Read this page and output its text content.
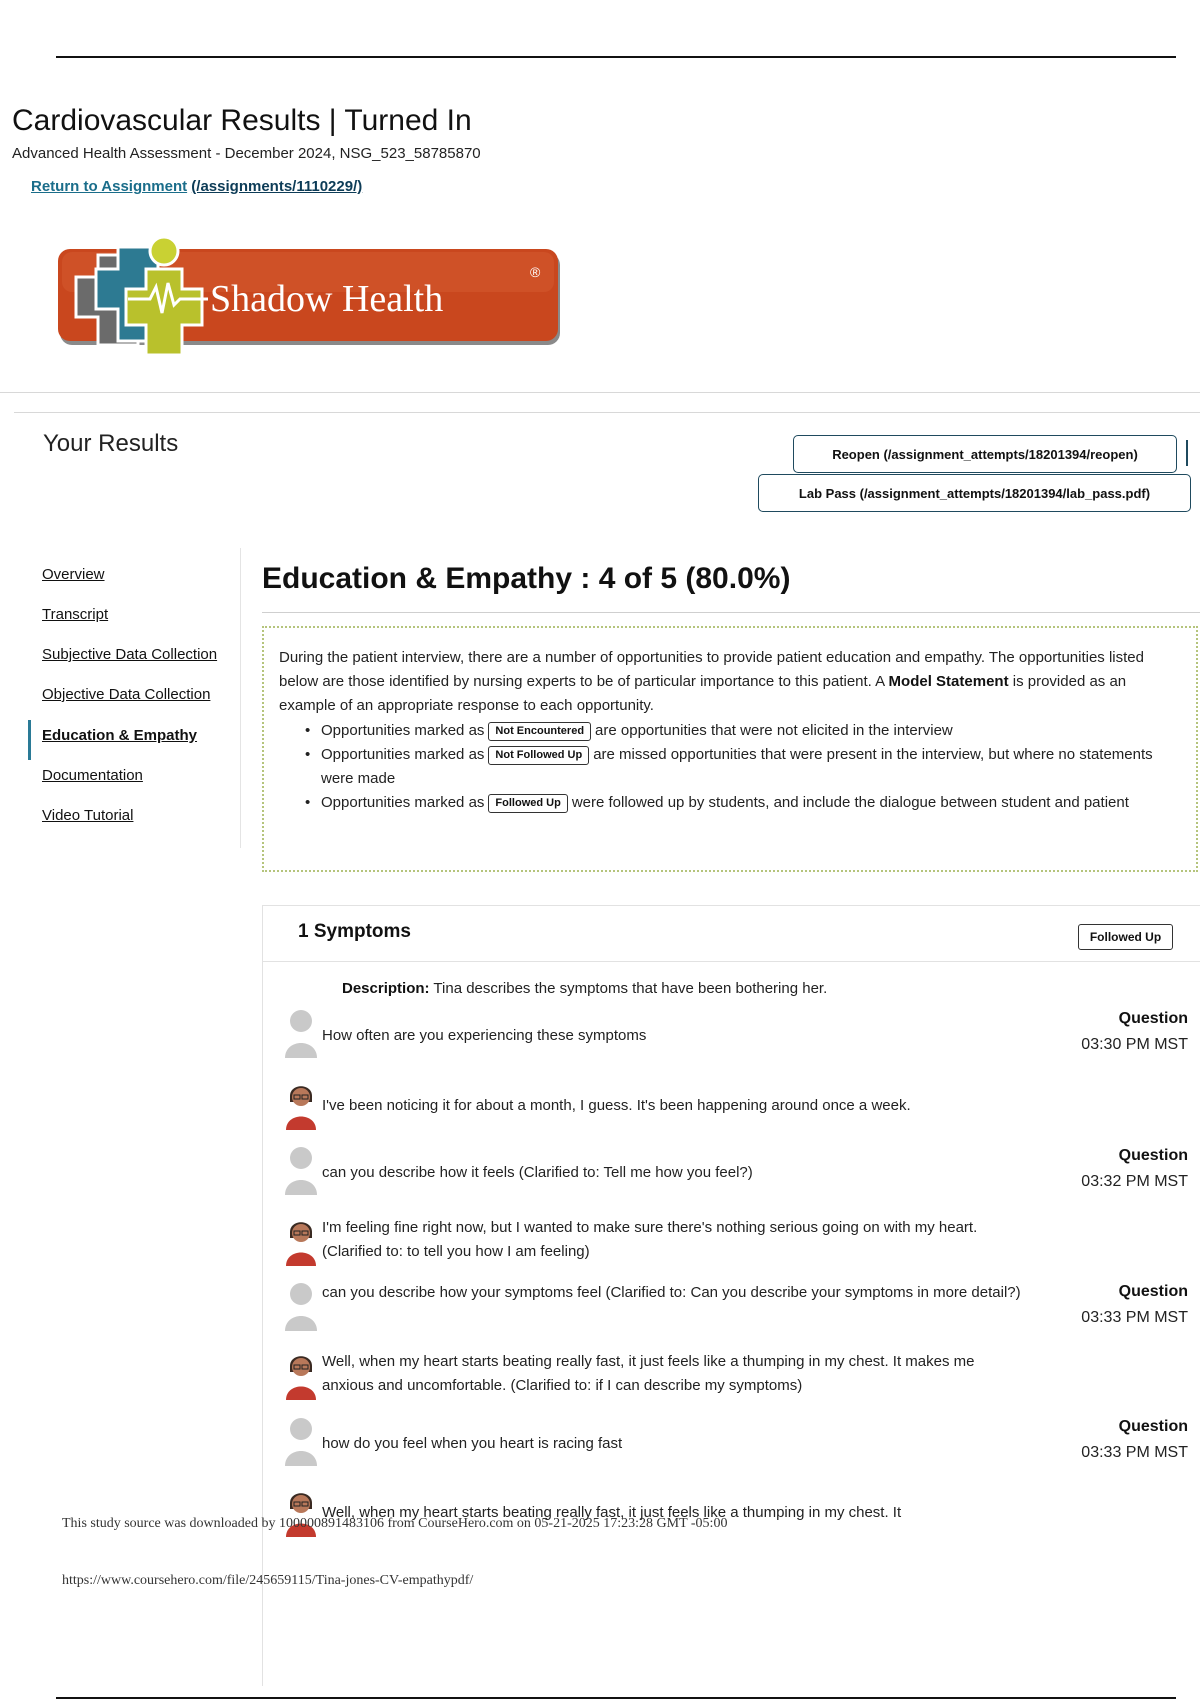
Cardiovascular Results | Turned In
Advanced Health Assessment - December 2024, NSG_523_58785870
Return to Assignment (/assignments/1110229/)
Shadow Health
®
Your Results	Reopen (/assignment_attempts/18201394/reopen)
Lab Pass (/assignment_attempts/18201394/lab_pass.pdf)
Overview
Transcript
Subjective Data Collection
Objective Data Collection
Education & Empathy
Documentation
Video Tutorial
Education & Empathy : 4 of 5 (80.0%)
During the patient interview, there are a number of opportunities to provide patient education and empathy. The opportunities listed below are those identified by nursing experts to be of particular importance to this patient. A Model Statement is provided as an example of an appropriate response to each opportunity.
• Opportunities marked as Not Encountered are opportunities that were not elicited in the interview
• Opportunities marked as Not Followed Up are missed opportunities that were present in the interview, but where no statements were made
• Opportunities marked as Followed Up were followed up by students, and include the dialogue between student and patient
1 Symptoms	Followed Up
Description: Tina describes the symptoms that have been bothering her.
How often are you experiencing these symptoms
Question
03:30 PM MST
I've been noticing it for about a month, I guess. It's been happening around once a week.
can you describe how it feels (Clarified to: Tell me how you feel?)
Question
03:32 PM MST
I'm feeling fine right now, but I wanted to make sure there's nothing serious going on with my heart. (Clarified to: to tell you how I am feeling)
can you describe how your symptoms feel (Clarified to: Can you describe your symptoms in more detail?)	Question
03:33 PM MST
Well, when my heart starts beating really fast, it just feels like a thumping in my chest. It makes me anxious and uncomfortable. (Clarified to: if I can describe my symptoms)
how do you feel when you heart is racing fast
Question
03:33 PM MST
Well, when my heart starts beating really fast, it just feels like a thumping in my chest. It
This study source was downloaded by 100000891483106 from CourseHero.com on 05-21-2025 17:23:28 GMT -05:00
https://www.coursehero.com/file/245659115/Tina-jones-CV-empathypdf/
